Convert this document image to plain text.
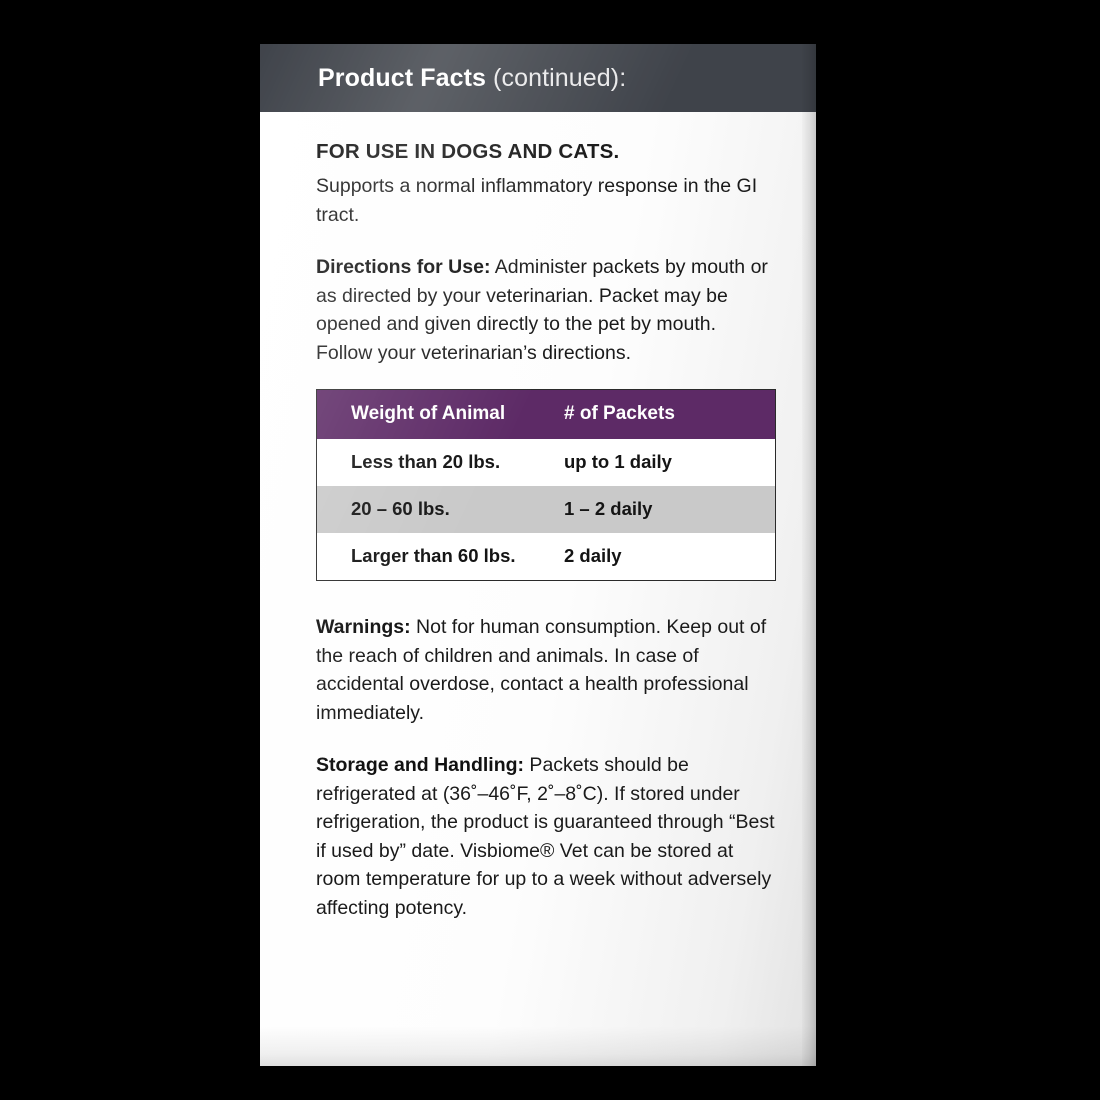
Product Facts (continued):
FOR USE IN DOGS AND CATS.

Supports a normal inflammatory response in the GI tract.

Directions for Use: Administer packets by mouth or as directed by your veterinarian. Packet may be opened and given directly to the pet by mouth. Follow your veterinarian’s directions.

Weight of Animal	# of Packets
Less than 20 lbs.	up to 1 daily
20 – 60 lbs.	1 – 2 daily
Larger than 60 lbs.	2 daily

Warnings: Not for human consumption. Keep out of the reach of children and animals. In case of accidental overdose, contact a health professional immediately.

Storage and Handling: Packets should be refrigerated at (36˚–46˚F, 2˚–8˚C). If stored under refrigeration, the product is guaranteed through “Best if used by” date. Visbiome® Vet can be stored at room temperature for up to a week without adversely affecting potency.
